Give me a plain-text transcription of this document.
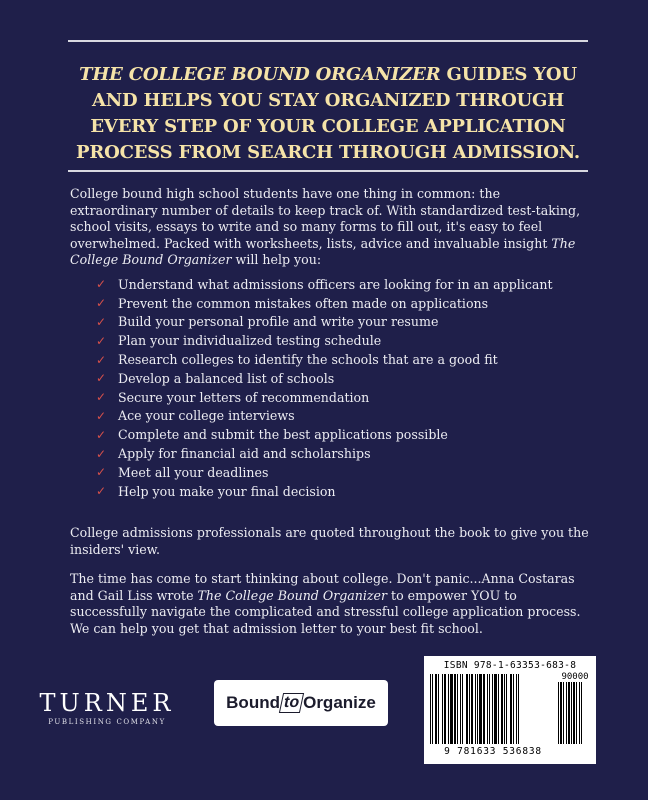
THE COLLEGE BOUND ORGANIZER GUIDES YOU AND HELPS YOU STAY ORGANIZED THROUGH EVERY STEP OF YOUR COLLEGE APPLICATION PROCESS FROM SEARCH THROUGH ADMISSION.

College bound high school students have one thing in common: the extraordinary number of details to keep track of. With standardized test-taking, school visits, essays to write and so many forms to fill out, it's easy to feel overwhelmed. Packed with worksheets, lists, advice and invaluable insight The College Bound Organizer will help you:

✓ Understand what admissions officers are looking for in an applicant
✓ Prevent the common mistakes often made on applications
✓ Build your personal profile and write your resume
✓ Plan your individualized testing schedule
✓ Research colleges to identify the schools that are a good fit
✓ Develop a balanced list of schools
✓ Secure your letters of recommendation
✓ Ace your college interviews
✓ Complete and submit the best applications possible
✓ Apply for financial aid and scholarships
✓ Meet all your deadlines
✓ Help you make your final decision

College admissions professionals are quoted throughout the book to give you the insiders' view.

The time has come to start thinking about college. Don't panic...Anna Costaras and Gail Liss wrote The College Bound Organizer to empower YOU to successfully navigate the complicated and stressful college application process. We can help you get that admission letter to your best fit school.

TURNER
PUBLISHING COMPANY
Bound to Organize
ISBN 978-1-63353-683-8
90000
9 781633 536838
